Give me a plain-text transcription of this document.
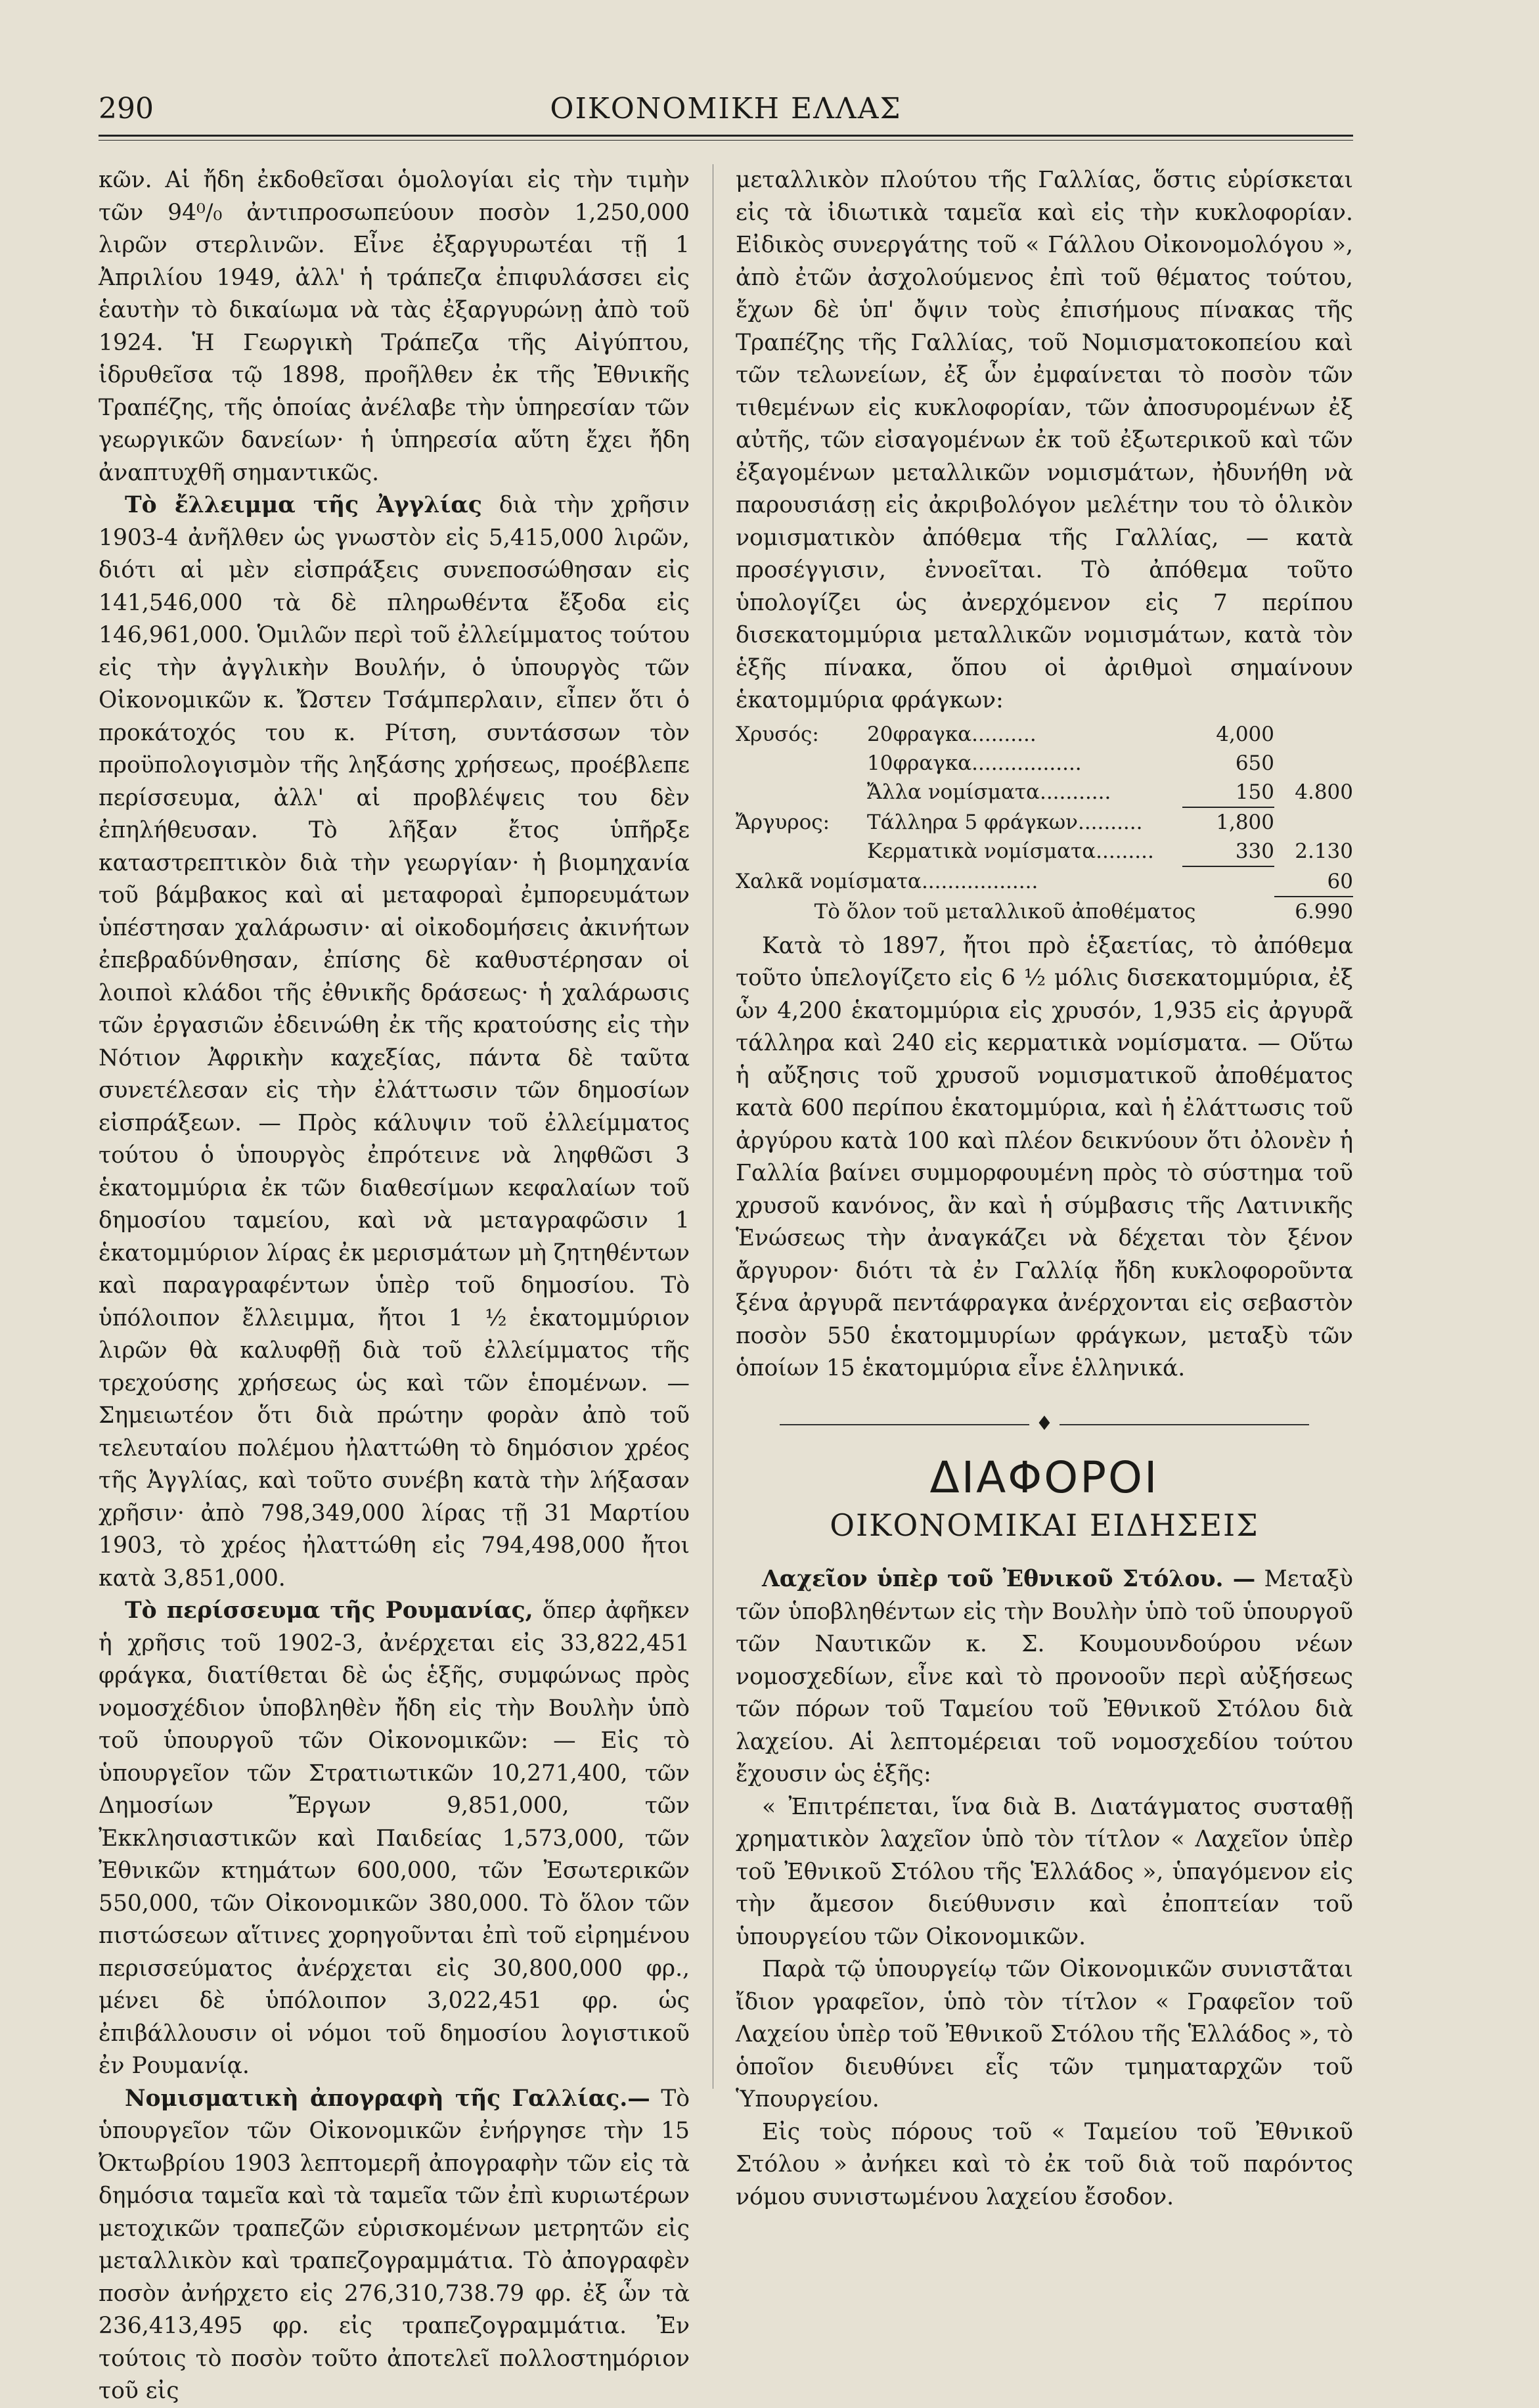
290	ΟΙΚΟΝΟΜΙΚΗ ΕΛΛΑΣ

κῶν. Αἱ ἤδη ἐκδοθεῖσαι ὁμολογίαι εἰς τὴν τιμὴν τῶν 94⁰/₀ ἀντιπροσωπεύουν ποσὸν 1,250,000 λιρῶν στερλινῶν. Εἶνε ἐξαργυρωτέαι τῇ 1 Ἀπριλίου 1949, ἀλλ' ἡ τράπεζα ἐπιφυλάσσει εἰς ἑαυτὴν τὸ δικαίωμα νὰ τὰς ἐξαργυρώνῃ ἀπὸ τοῦ 1924. Ἡ Γεωργικὴ Τράπεζα τῆς Αἰγύπτου, ἱδρυθεῖσα τῷ 1898, προῆλθεν ἐκ τῆς Ἐθνικῆς Τραπέζης, τῆς ὁποίας ἀνέλαβε τὴν ὑπηρεσίαν τῶν γεωργικῶν δανείων· ἡ ὑπηρεσία αὕτη ἔχει ἤδη ἀναπτυχθῆ σημαντικῶς.

Τὸ ἔλλειμμα τῆς Ἀγγλίας διὰ τὴν χρῆσιν 1903-4 ἀνῆλθεν ὡς γνωστὸν εἰς 5,415,000 λιρῶν, διότι αἱ μὲν εἰσπράξεις συνεποσώθησαν εἰς 141,546,000 τὰ δὲ πληρωθέντα ἔξοδα εἰς 146,961,000. Ὁμιλῶν περὶ τοῦ ἐλλείμματος τούτου εἰς τὴν ἀγγλικὴν Βουλήν, ὁ ὑπουργὸς τῶν Οἰκονομικῶν κ. Ὤστεν Τσάμπερλαιν, εἶπεν ὅτι ὁ προκάτοχός του κ. Ρίτση, συντάσσων τὸν προϋπολογισμὸν τῆς ληξάσης χρήσεως, προέβλεπε περίσσευμα, ἀλλ' αἱ προβλέψεις του δὲν ἐπηλήθευσαν. Τὸ λῆξαν ἔτος ὑπῆρξε καταστρεπτικὸν διὰ τὴν γεωργίαν· ἡ βιομηχανία τοῦ βάμβακος καὶ αἱ μεταφοραὶ ἐμπορευμάτων ὑπέστησαν χαλάρωσιν· αἱ οἰκοδομήσεις ἀκινήτων ἐπεβραδύνθησαν, ἐπίσης δὲ καθυστέρησαν οἱ λοιποὶ κλάδοι τῆς ἐθνικῆς δράσεως· ἡ χαλάρωσις τῶν ἐργασιῶν ἐδεινώθη ἐκ τῆς κρατούσης εἰς τὴν Νότιον Ἀφρικὴν καχεξίας, πάντα δὲ ταῦτα συνετέλεσαν εἰς τὴν ἐλάττωσιν τῶν δημοσίων εἰσπράξεων. — Πρὸς κάλυψιν τοῦ ἐλλείμματος τούτου ὁ ὑπουργὸς ἐπρότεινε νὰ ληφθῶσι 3 ἑκατομμύρια ἐκ τῶν διαθεσίμων κεφαλαίων τοῦ δημοσίου ταμείου, καὶ νὰ μεταγραφῶσιν 1 ἑκατομμύριον λίρας ἐκ μερισμάτων μὴ ζητηθέντων καὶ παραγραφέντων ὑπὲρ τοῦ δημοσίου. Τὸ ὑπόλοιπον ἔλλειμμα, ἤτοι 1 ½ ἑκατομμύριον λιρῶν θὰ καλυφθῇ διὰ τοῦ ἐλλείμματος τῆς τρεχούσης χρήσεως ὡς καὶ τῶν ἑπομένων. — Σημειωτέον ὅτι διὰ πρώτην φορὰν ἀπὸ τοῦ τελευταίου πολέμου ἠλαττώθη τὸ δημόσιον χρέος τῆς Ἀγγλίας, καὶ τοῦτο συνέβη κατὰ τὴν λήξασαν χρῆσιν· ἀπὸ 798,349,000 λίρας τῇ 31 Μαρτίου 1903, τὸ χρέος ἠλαττώθη εἰς 794,498,000 ἤτοι κατὰ 3,851,000.

Τὸ περίσσευμα τῆς Ρουμανίας, ὅπερ ἀφῆκεν ἡ χρῆσις τοῦ 1902-3, ἀνέρχεται εἰς 33,822,451 φράγκα, διατίθεται δὲ ὡς ἑξῆς, συμφώνως πρὸς νομοσχέδιον ὑποβληθὲν ἤδη εἰς τὴν Βουλὴν ὑπὸ τοῦ ὑπουργοῦ τῶν Οἰκονομικῶν: — Εἰς τὸ ὑπουργεῖον τῶν Στρατιωτικῶν 10,271,400, τῶν Δημοσίων Ἔργων 9,851,000, τῶν Ἐκκλησιαστικῶν καὶ Παιδείας 1,573,000, τῶν Ἐθνικῶν κτημάτων 600,000, τῶν Ἐσωτερικῶν 550,000, τῶν Οἰκονομικῶν 380,000. Τὸ ὅλον τῶν πιστώσεων αἵτινες χορηγοῦνται ἐπὶ τοῦ εἰρημένου περισσεύματος ἀνέρχεται εἰς 30,800,000 φρ., μένει δὲ ὑπόλοιπον 3,022,451 φρ. ὡς ἐπιβάλλουσιν οἱ νόμοι τοῦ δημοσίου λογιστικοῦ ἐν Ρουμανίᾳ.

Νομισματικὴ ἀπογραφὴ τῆς Γαλλίας.— Τὸ ὑπουργεῖον τῶν Οἰκονομικῶν ἐνήργησε τὴν 15 Ὀκτωβρίου 1903 λεπτομερῆ ἀπογραφὴν τῶν εἰς τὰ δημόσια ταμεῖα καὶ τὰ ταμεῖα τῶν ἐπὶ κυριωτέρων μετοχικῶν τραπεζῶν εὑρισκομένων μετρητῶν εἰς μεταλλικὸν καὶ τραπεζογραμμάτια. Τὸ ἀπογραφὲν ποσὸν ἀνήρχετο εἰς 276,310,738.79 φρ. ἐξ ὧν τὰ 236,413,495 φρ. εἰς τραπεζογραμμάτια. Ἐν τούτοις τὸ ποσὸν τοῦτο ἀποτελεῖ πολλοστημόριον τοῦ εἰς

μεταλλικὸν πλούτου τῆς Γαλλίας, ὅστις εὑρίσκεται εἰς τὰ ἰδιωτικὰ ταμεῖα καὶ εἰς τὴν κυκλοφορίαν. Εἰδικὸς συνεργάτης τοῦ « Γάλλου Οἰκονομολόγου », ἀπὸ ἐτῶν ἀσχολούμενος ἐπὶ τοῦ θέματος τούτου, ἔχων δὲ ὑπ' ὄψιν τοὺς ἐπισήμους πίνακας τῆς Τραπέζης τῆς Γαλλίας, τοῦ Νομισματοκοπείου καὶ τῶν τελωνείων, ἐξ ὧν ἐμφαίνεται τὸ ποσὸν τῶν τιθεμένων εἰς κυκλοφορίαν, τῶν ἀποσυρομένων ἐξ αὐτῆς, τῶν εἰσαγομένων ἐκ τοῦ ἐξωτερικοῦ καὶ τῶν ἐξαγομένων μεταλλικῶν νομισμάτων, ἠδυνήθη νὰ παρουσιάσῃ εἰς ἀκριβολόγον μελέτην του τὸ ὁλικὸν νομισματικὸν ἀπόθεμα τῆς Γαλλίας, — κατὰ προσέγγισιν, ἐννοεῖται. Τὸ ἀπόθεμα τοῦτο ὑπολογίζει ὡς ἀνερχόμενον εἰς 7 περίπου δισεκατομμύρια μεταλλικῶν νομισμάτων, κατὰ τὸν ἑξῆς πίνακα, ὅπου οἱ ἀριθμοὶ σημαίνουν ἑκατομμύρια φράγκων:

Χρυσός:	20φραγκα..........	4,000
10φραγκα.................	650
Ἄλλα νομίσματα...........	150	4.800
Ἄργυρος:	Τάλληρα 5 φράγκων..........	1,800
Κερματικὰ νομίσματα.........	330	2.130
Χαλκᾶ νομίσματα..................	60
Τὸ ὅλον τοῦ μεταλλικοῦ ἀποθέματος	6.990

Κατὰ τὸ 1897, ἤτοι πρὸ ἑξαετίας, τὸ ἀπόθεμα τοῦτο ὑπελογίζετο εἰς 6 ½ μόλις δισεκατομμύρια, ἐξ ὧν 4,200 ἑκατομμύρια εἰς χρυσόν, 1,935 εἰς ἀργυρᾶ τάλληρα καὶ 240 εἰς κερματικὰ νομίσματα. — Οὕτω ἡ αὔξησις τοῦ χρυσοῦ νομισματικοῦ ἀποθέματος κατὰ 600 περίπου ἑκατομμύρια, καὶ ἡ ἐλάττωσις τοῦ ἀργύρου κατὰ 100 καὶ πλέον δεικνύουν ὅτι ὀλονὲν ἡ Γαλλία βαίνει συμμορφουμένη πρὸς τὸ σύστημα τοῦ χρυσοῦ κανόνος, ἂν καὶ ἡ σύμβασις τῆς Λατινικῆς Ἑνώσεως τὴν ἀναγκάζει νὰ δέχεται τὸν ξένον ἄργυρον· διότι τὰ ἐν Γαλλίᾳ ἤδη κυκλοφοροῦντα ξένα ἀργυρᾶ πεντάφραγκα ἀνέρχονται εἰς σεβαστὸν ποσὸν 550 ἑκατομμυρίων φράγκων, μεταξὺ τῶν ὁποίων 15 ἑκατομμύρια εἶνε ἑλληνικά.

♦
ΔΙΑΦΟΡΟΙ
ΟΙΚΟΝΟΜΙΚΑΙ ΕΙΔΗΣΕΙΣ

Λαχεῖον ὑπὲρ τοῦ Ἐθνικοῦ Στόλου. — Μεταξὺ τῶν ὑποβληθέντων εἰς τὴν Βουλὴν ὑπὸ τοῦ ὑπουργοῦ τῶν Ναυτικῶν κ. Σ. Κουμουνδούρου νέων νομοσχεδίων, εἶνε καὶ τὸ προνοοῦν περὶ αὐξήσεως τῶν πόρων τοῦ Ταμείου τοῦ Ἐθνικοῦ Στόλου διὰ λαχείου. Αἱ λεπτομέρειαι τοῦ νομοσχεδίου τούτου ἔχουσιν ὡς ἑξῆς:

« Ἐπιτρέπεται, ἵνα διὰ Β. Διατάγματος συσταθῇ χρηματικὸν λαχεῖον ὑπὸ τὸν τίτλον « Λαχεῖον ὑπὲρ τοῦ Ἐθνικοῦ Στόλου τῆς Ἑλλάδος », ὑπαγόμενον εἰς τὴν ἄμεσον διεύθυνσιν καὶ ἐποπτείαν τοῦ ὑπουργείου τῶν Οἰκονομικῶν.

Παρὰ τῷ ὑπουργείῳ τῶν Οἰκονομικῶν συνιστᾶται ἴδιον γραφεῖον, ὑπὸ τὸν τίτλον « Γραφεῖον τοῦ Λαχείου ὑπὲρ τοῦ Ἐθνικοῦ Στόλου τῆς Ἑλλάδος », τὸ ὁποῖον διευθύνει εἷς τῶν τμηματαρχῶν τοῦ Ὑπουργείου.

Εἰς τοὺς πόρους τοῦ « Ταμείου τοῦ Ἐθνικοῦ Στόλου » ἀνήκει καὶ τὸ ἐκ τοῦ διὰ τοῦ παρόντος νόμου συνιστωμένου λαχείου ἔσοδον.
